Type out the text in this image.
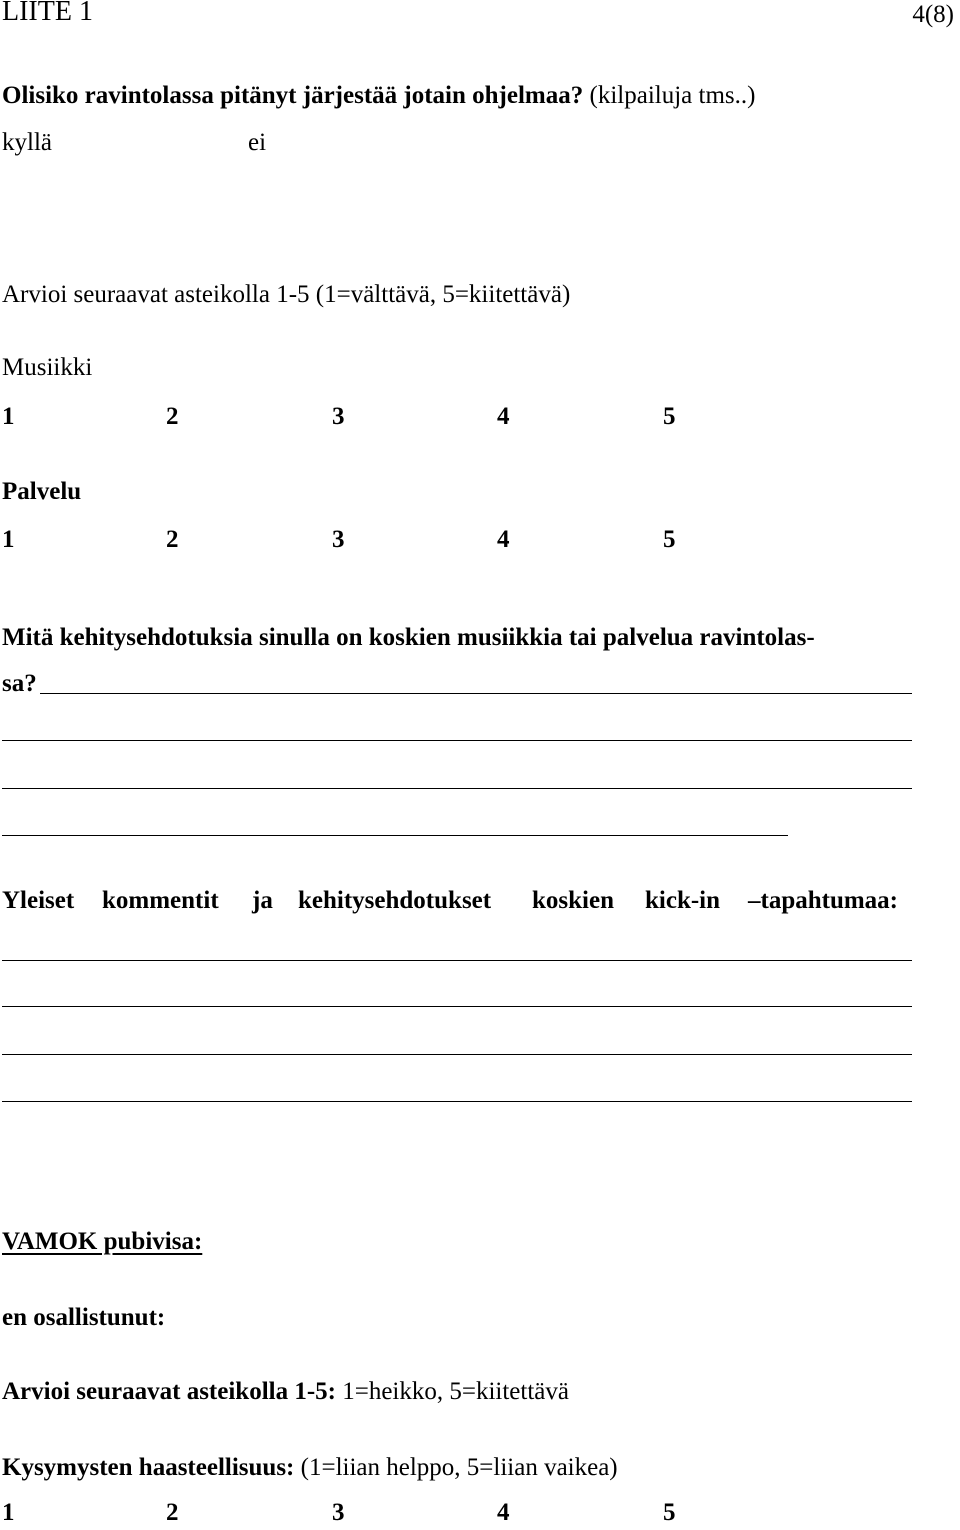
LIITE 1	4(8)
Olisiko ravintolassa pitänyt järjestää jotain ohjelmaa? (kilpailuja tms..)
kyllä	ei
Arvioi seuraavat asteikolla 1-5 (1=välttävä, 5=kiitettävä)
Musiikki
1	2	3	4	5
Palvelu
1	2	3	4	5
Mitä kehitysehdotuksia sinulla on koskien musiikkia tai palvelua ravintolas-
sa?
Yleiset kommentit ja kehitysehdotukset koskien kick-in –tapahtumaa:
VAMOK pubivisa:
en osallistunut:
Arvioi seuraavat asteikolla 1-5: 1=heikko, 5=kiitettävä
Kysymysten haasteellisuus: (1=liian helppo, 5=liian vaikea)
1	2	3	4	5
